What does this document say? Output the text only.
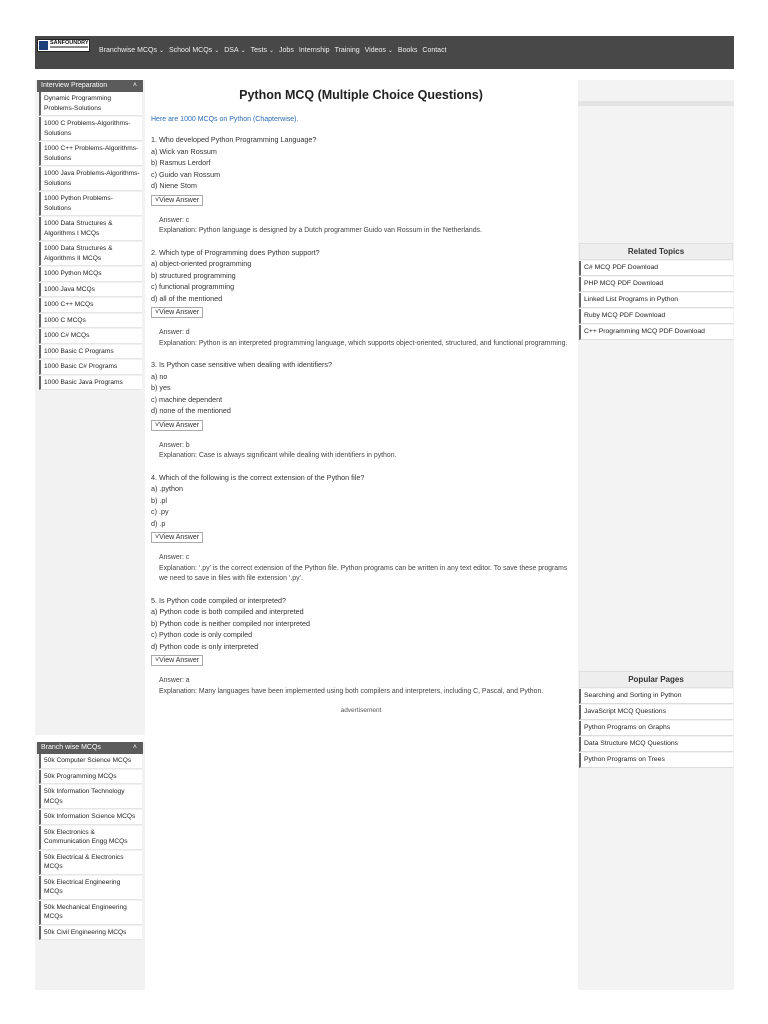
SANFOUNDRY
Branchwise MCQs ⌄ School MCQs ⌄ DSA ⌄ Tests ⌄ Jobs Internship Training Videos ⌄ Books Contact
Interview Preparation	˄
Dynamic Programming Problems-Solutions
1000 C Problems-Algorithms-Solutions
1000 C++ Problems-Algorithms-Solutions
1000 Java Problems-Algorithms-Solutions
1000 Python Problems-Solutions
1000 Data Structures & Algorithms I MCQs
1000 Data Structures & Algorithms II MCQs
1000 Python MCQs
1000 Java MCQs
1000 C++ MCQs
1000 C MCQs
1000 C# MCQs
1000 Basic C Programs
1000 Basic C# Programs
1000 Basic Java Programs
Branch wise MCQs	˄
50k Computer Science MCQs
50k Programming MCQs
50k Information Technology MCQs
50k Information Science MCQs
50k Electronics & Communication Engg MCQs
50k Electrical & Electronics MCQs
50k Electrical Engineering MCQs
50k Mechanical Engineering MCQs
50k Civil Engineering MCQs
Python MCQ (Multiple Choice Questions)
Here are 1000 MCQs on Python (Chapterwise).
1. Who developed Python Programming Language?
a) Wick van Rossum
b) Rasmus Lerdorf
c) Guido van Rossum
d) Niene Stom
˅View Answer
Answer: c
Explanation: Python language is designed by a Dutch programmer Guido van Rossum in the Netherlands.
2. Which type of Programming does Python support?
a) object-oriented programming
b) structured programming
c) functional programming
d) all of the mentioned
˅View Answer
Answer: d
Explanation: Python is an interpreted programming language, which supports object-oriented, structured, and functional programming.
3. Is Python case sensitive when dealing with identifiers?
a) no
b) yes
c) machine dependent
d) none of the mentioned
˅View Answer
Answer: b
Explanation: Case is always significant while dealing with identifiers in python.
4. Which of the following is the correct extension of the Python file?
a) .python
b) .pl
c) .py
d) .p
˅View Answer
Answer: c
Explanation: ‘.py’ is the correct extension of the Python file. Python programs can be written in any text editor. To save these programs we need to save in files with file extension ‘.py’.
5. Is Python code compiled or interpreted?
a) Python code is both compiled and interpreted
b) Python code is neither compiled nor interpreted
c) Python code is only compiled
d) Python code is only interpreted
˅View Answer
Answer: a
Explanation: Many languages have been implemented using both compilers and interpreters, including C, Pascal, and Python.
advertisement
Related Topics
C# MCQ PDF Download
PHP MCQ PDF Download
Linked List Programs in Python
Ruby MCQ PDF Download
C++ Programming MCQ PDF Download
Popular Pages
Searching and Sorting in Python
JavaScript MCQ Questions
Python Programs on Graphs
Data Structure MCQ Questions
Python Programs on Trees
